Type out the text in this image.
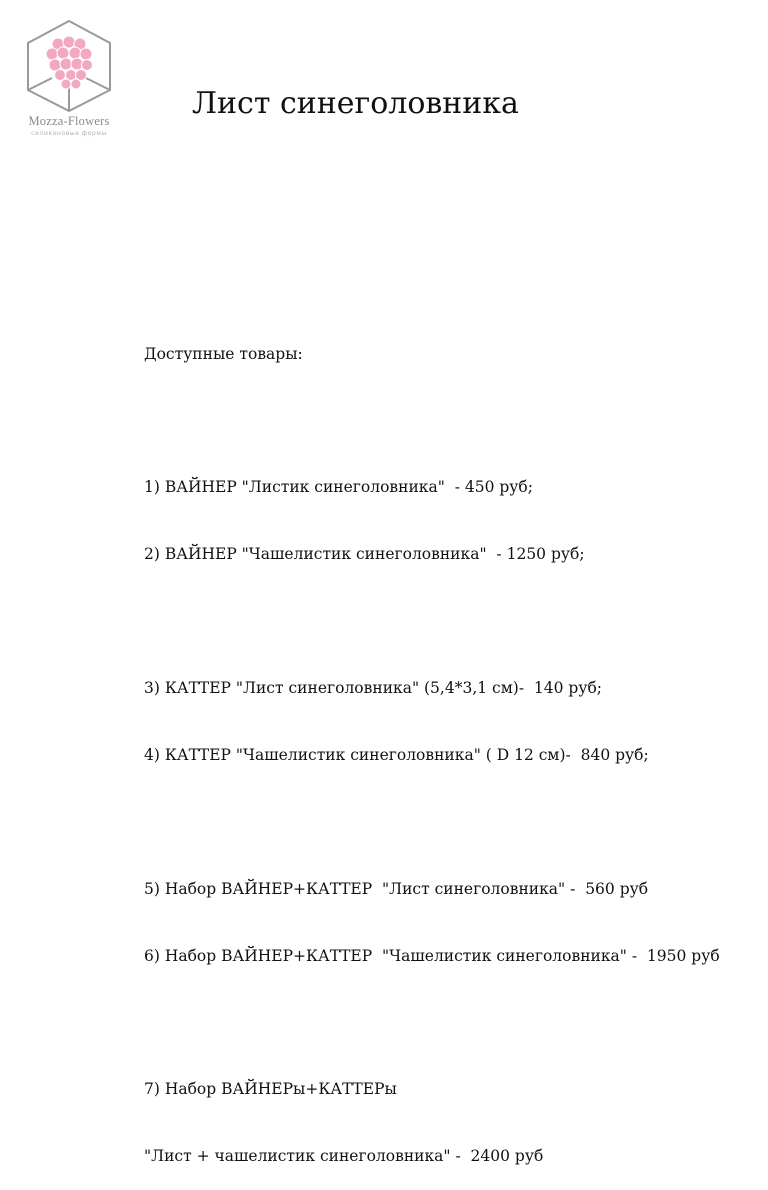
Mozza-Flowers
силиконовые формы
Лист синеголовника

Доступные товары:

1) ВАЙНЕР "Листик синеголовника"  - 450 руб;

2) ВАЙНЕР "Чашелистик синеголовника"  - 1250 руб;

3) КАТТЕР "Лист синеголовника" (5,4*3,1 см)-  140 руб;

4) КАТТЕР "Чашелистик синеголовника" ( D 12 см)-  840 руб;

5) Набор ВАЙНЕР+КАТТЕР  "Лист синеголовника" -  560 руб

6) Набор ВАЙНЕР+КАТТЕР  "Чашелистик синеголовника" -  1950 руб

7) Набор ВАЙНЕРы+КАТТЕРы

"Лист + чашелистик синеголовника" -  2400 руб
